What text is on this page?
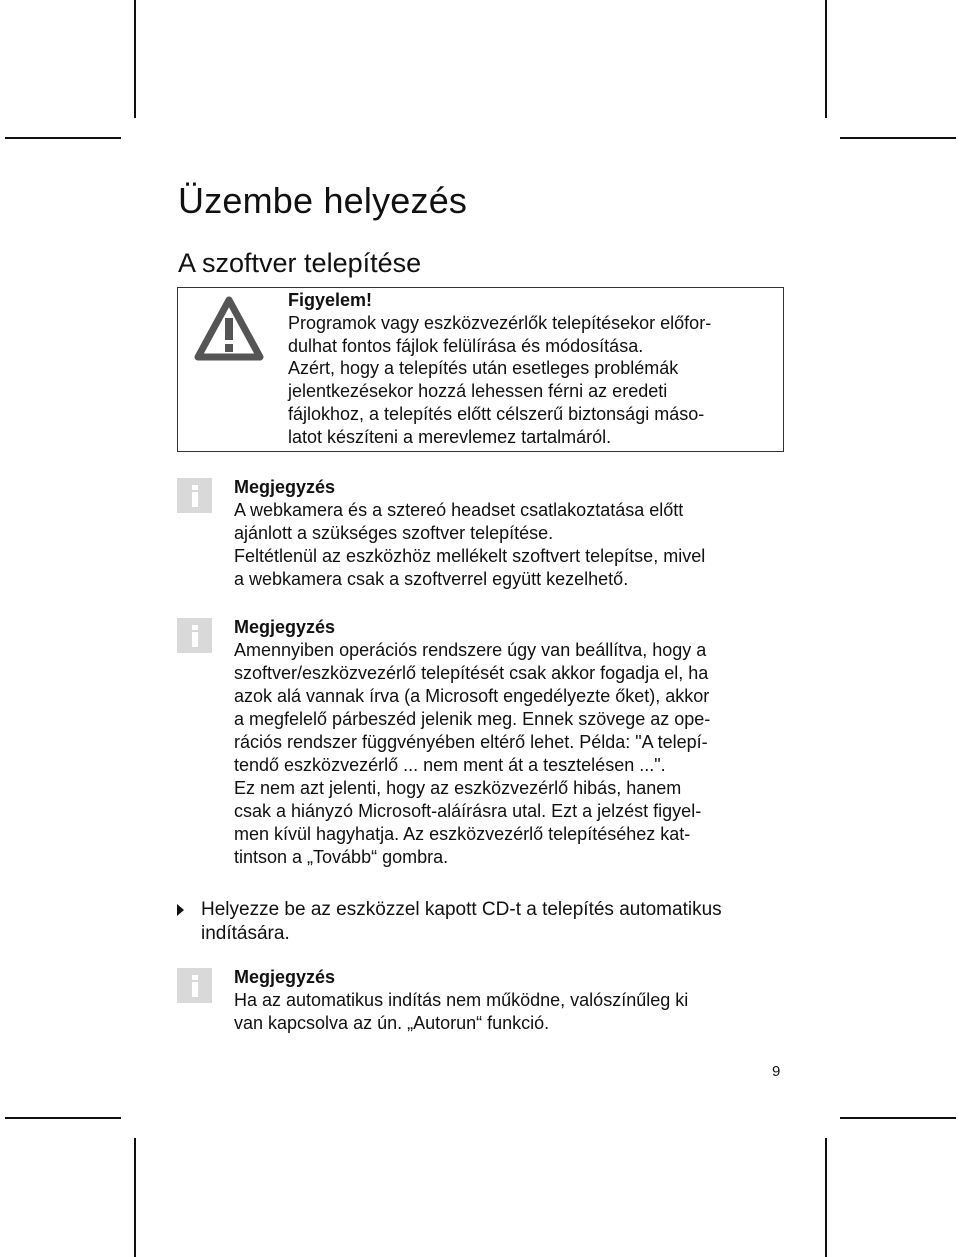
Üzembe helyezés
A szoftver telepítése
Figyelem!
Programok vagy eszközvezérlők telepítésekor előfor-
dulhat fontos fájlok felülírása és módosítása.
Azért, hogy a telepítés után esetleges problémák
jelentkezésekor hozzá lehessen férni az eredeti
fájlokhoz, a telepítés előtt célszerű biztonsági máso-
latot készíteni a merevlemez tartalmáról.
Megjegyzés
A webkamera és a sztereó headset csatlakoztatása előtt
ajánlott a szükséges szoftver telepítése.
Feltétlenül az eszközhöz mellékelt szoftvert telepítse, mivel
a webkamera csak a szoftverrel együtt kezelhető.
Megjegyzés
Amennyiben operációs rendszere úgy van beállítva, hogy a
szoftver/eszközvezérlő telepítését csak akkor fogadja el, ha
azok alá vannak írva (a Microsoft engedélyezte őket), akkor
a megfelelő párbeszéd jelenik meg. Ennek szövege az ope-
rációs rendszer függvényében eltérő lehet. Példa: "A telepí-
tendő eszközvezérlő ... nem ment át a tesztelésen ...".
Ez nem azt jelenti, hogy az eszközvezérlő hibás, hanem
csak a hiányzó Microsoft-aláírásra utal. Ezt a jelzést figyel-
men kívül hagyhatja. Az eszközvezérlő telepítéséhez kat-
tintson a „Tovább“ gombra.
Helyezze be az eszközzel kapott CD-t a telepítés automatikus
indítására.
Megjegyzés
Ha az automatikus indítás nem működne, valószínűleg ki
van kapcsolva az ún. „Autorun“ funkció.
9
